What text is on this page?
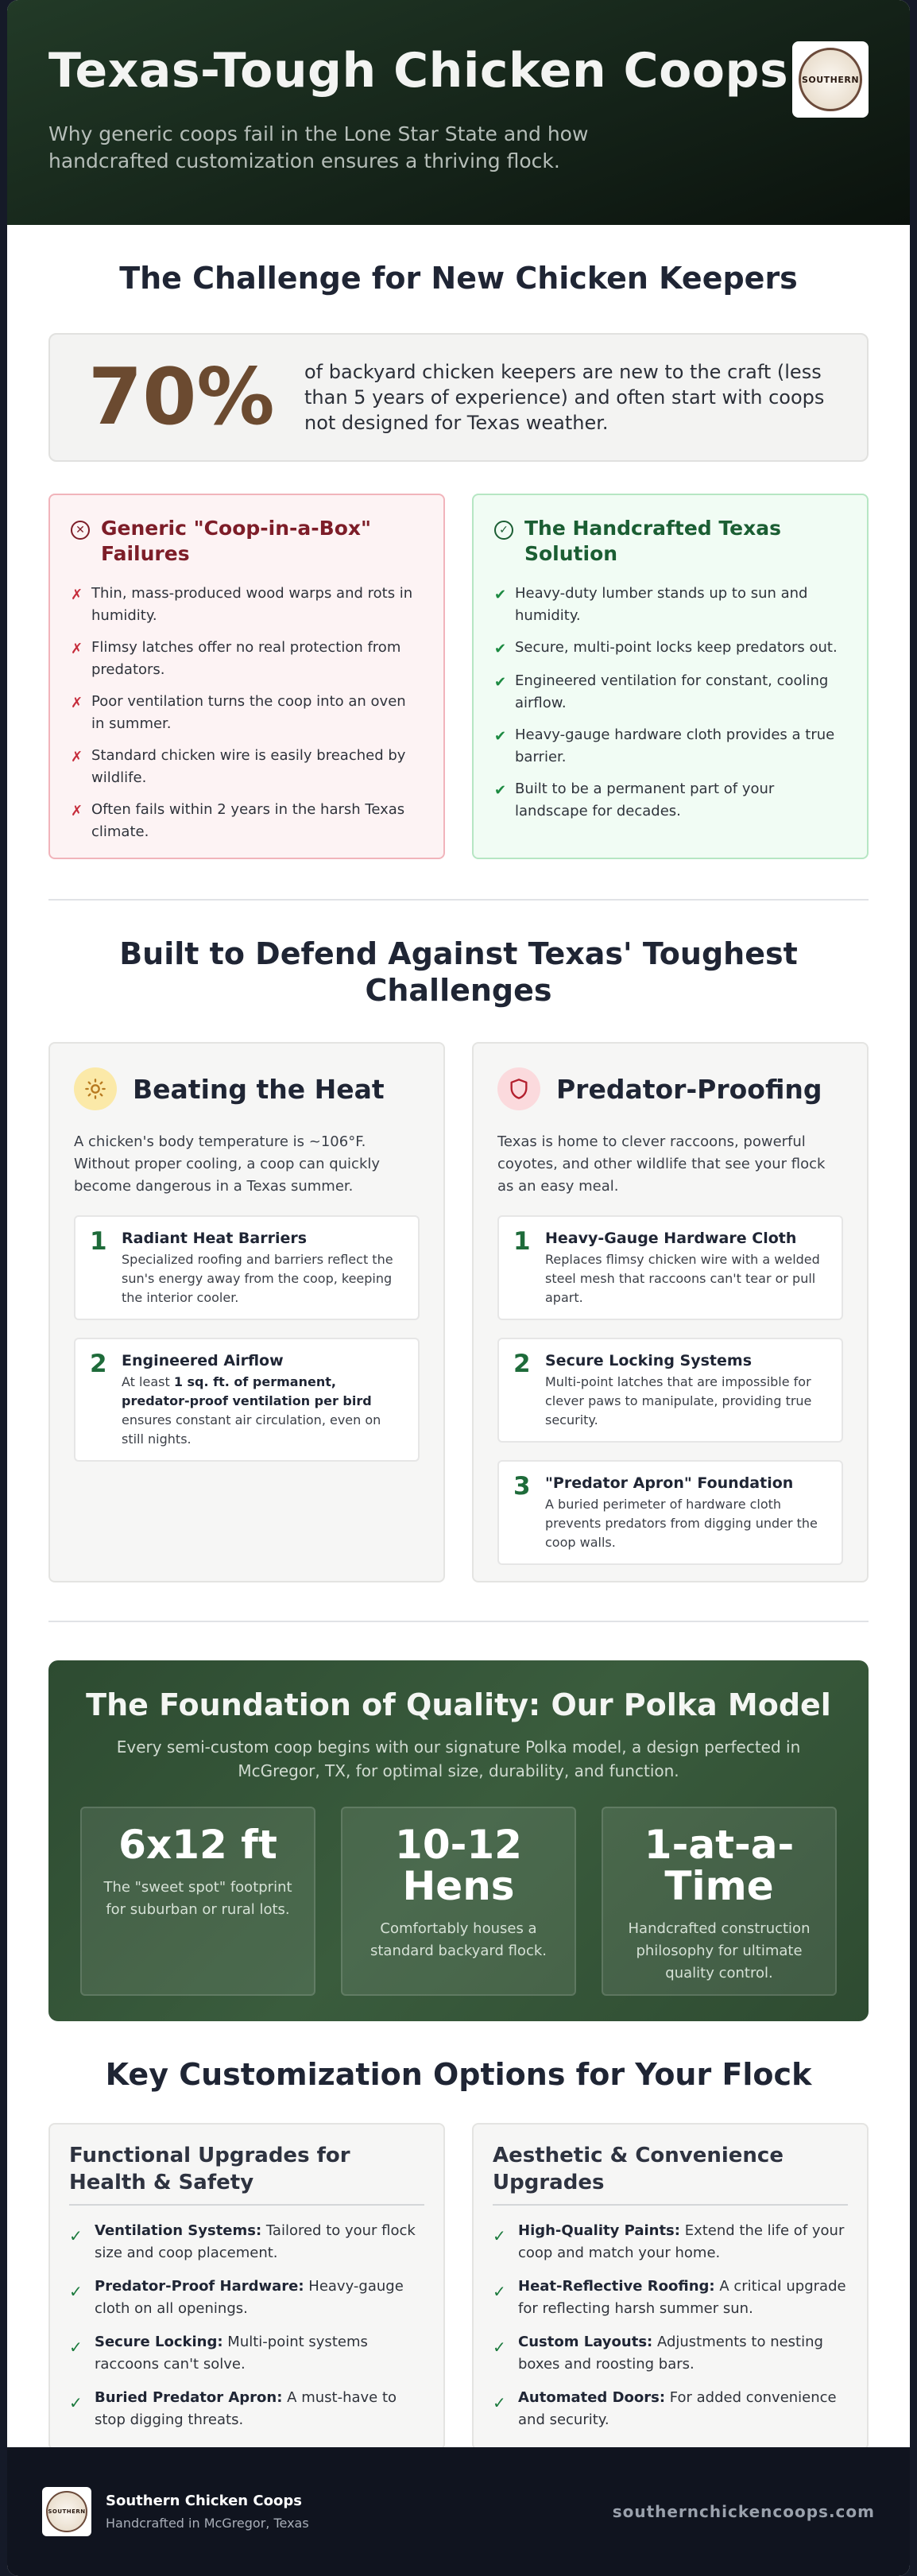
Texas-Tough Chicken Coops

Why generic coops fail in the Lone Star State and how handcrafted customization ensures a thriving flock.

SOUTHERN
The Challenge for New Chicken Keepers
70%	of backyard chicken keepers are new to the craft (less than 5 years of experience) and often start with coops not designed for Texas weather.
✕ Generic "Coop-in-a-Box" Failures
✗ Thin, mass-produced wood warps and rots in humidity.
✗ Flimsy latches offer no real protection from predators.
✗ Poor ventilation turns the coop into an oven in summer.
✗ Standard chicken wire is easily breached by wildlife.
✗ Often fails within 2 years in the harsh Texas climate.
✓ The Handcrafted Texas Solution
✔ Heavy-duty lumber stands up to sun and humidity.
✔ Secure, multi-point locks keep predators out.
✔ Engineered ventilation for constant, cooling airflow.
✔ Heavy-gauge hardware cloth provides a true barrier.
✔ Built to be a permanent part of your landscape for decades.
Built to Defend Against Texas' Toughest Challenges
Beating the Heat

A chicken's body temperature is ~106°F. Without proper cooling, a coop can quickly become dangerous in a Texas summer.

1 Radiant Heat Barriers

Specialized roofing and barriers reflect the sun's energy away from the coop, keeping the interior cooler.

2 Engineered Airflow

At least 1 sq. ft. of permanent, predator-proof ventilation per bird ensures constant air circulation, even on still nights.

Predator-Proofing

Texas is home to clever raccoons, powerful coyotes, and other wildlife that see your flock as an easy meal.

1 Heavy-Gauge Hardware Cloth

Replaces flimsy chicken wire with a welded steel mesh that raccoons can't tear or pull apart.

2 Secure Locking Systems

Multi-point latches that are impossible for clever paws to manipulate, providing true security.

3 "Predator Apron" Foundation

A buried perimeter of hardware cloth prevents predators from digging under the coop walls.

The Foundation of Quality: Our Polka Model

Every semi-custom coop begins with our signature Polka model, a design perfected in McGregor, TX, for optimal size, durability, and function.

6x12 ft
The "sweet spot" footprint for suburban or rural lots.
10-12 Hens
Comfortably houses a standard backyard flock.
1-at-a-Time
Handcrafted construction philosophy for ultimate quality control.
Key Customization Options for Your Flock
Functional Upgrades for Health & Safety
✓ Ventilation Systems: Tailored to your flock size and coop placement.
✓ Predator-Proof Hardware: Heavy-gauge cloth on all openings.
✓ Secure Locking: Multi-point systems raccoons can't solve.
✓ Buried Predator Apron: A must-have to stop digging threats.
Aesthetic & Convenience Upgrades
✓ High-Quality Paints: Extend the life of your coop and match your home.
✓ Heat-Reflective Roofing: A critical upgrade for reflecting harsh summer sun.
✓ Custom Layouts: Adjustments to nesting boxes and roosting bars.
✓ Automated Doors: For added convenience and security.
SOUTHERN
Southern Chicken Coops
Handcrafted in McGregor, Texas
southernchickencoops.com
